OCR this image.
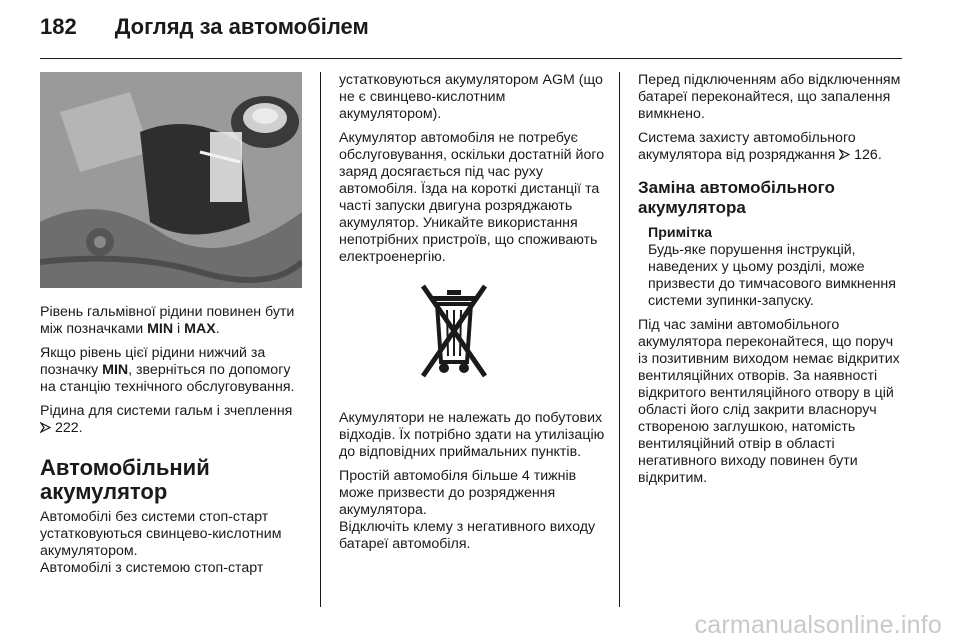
182 Догляд за автомобілем

Рівень гальмівної рідини повинен бути між позначками MIN і MAX.

Якщо рівень цієї рідини нижчий за позначку MIN, зверніться по допомогу на станцію технічного обслуговування.

Рідина для системи гальм і зчеплення  222.

Автомобільний акумулятор

Автомобілі без системи стоп-старт устатковуються свинцево-кислотним акумулятором.

Автомобілі з системою стоп-старт

устатковуються акумулятором AGM (що не є свинцево-кислотним акумулятором).

Акумулятор автомобіля не потребує обслуговування, оскільки достатній його заряд досягається під час руху автомобіля. Їзда на короткі дистанції та часті запуски двигуна розряджають акумулятор. Уникайте використання непотрібних пристроїв, що споживають електроенергію.

Акумулятори не належать до побутових відходів. Їх потрібно здати на утилізацію до відповідних приймальних пунктів.

Простій автомобіля більше 4 тижнів може призвести до розрядження акумулятора.

Відключіть клему з негативного виходу батареї автомобіля.

Перед підключенням або відключенням батареї переконайтеся, що запалення вимкнено.

Система захисту автомобільного акумулятора від розряджання  126.

Заміна автомобільного акумулятора
Примітка

Будь-яке порушення інструкцій, наведених у цьому розділі, може призвести до тимчасового вимкнення системи зупинки-запуску.

Під час заміни автомобільного акумулятора переконайтеся, що поруч із позитивним виходом немає відкритих вентиляційних отворів. За наявності відкритого вентиляційного отвору в цій області його слід закрити власноруч створеною заглушкою, натомість вентиляційний отвір в області негативного виходу повинен бути відкритим.

carmanualsonline.info
